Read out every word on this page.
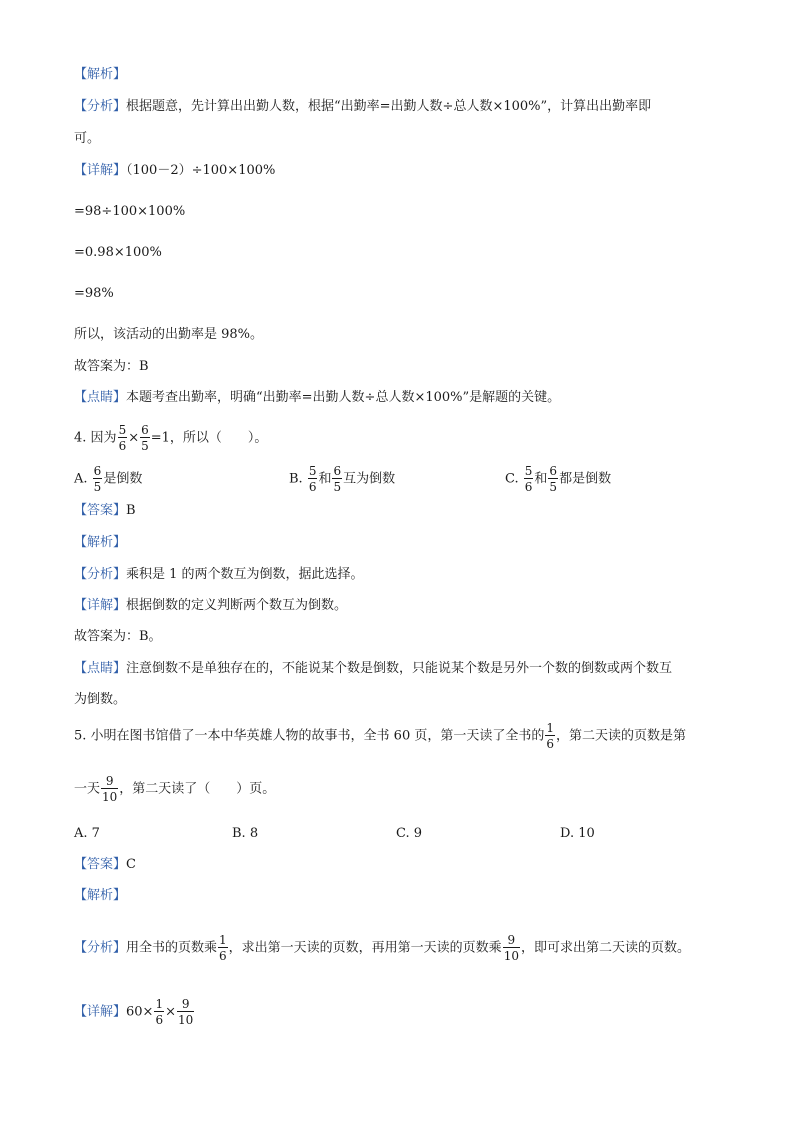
【解析】
【分析】根据题意，先计算出出勤人数，根据“出勤率=出勤人数÷总人数×100%”，计算出出勤率即
可。
【详解】（100－2）÷100×100%
=98÷100×100%
=0.98×100%
=98%
所以，该活动的出勤率是 98%。
故答案为：B
【点睛】本题考查出勤率，明确“出勤率=出勤人数÷总人数×100%”是解题的关键。
4. 因为 $\frac{5}{6} \times \frac{6}{5} =1$，所以（　　）。
A. $\frac{6}{5}$ 是倒数	B. $\frac{5}{6}$ 和 $\frac{6}{5}$ 互为倒数	C. $\frac{5}{6}$ 和 $\frac{6}{5}$ 都是倒数
【答案】B
【解析】
【分析】乘积是 1 的两个数互为倒数，据此选择。
【详解】根据倒数的定义判断两个数互为倒数。
故答案为：B。
【点睛】注意倒数不是单独存在的，不能说某个数是倒数，只能说某个数是另外一个数的倒数或两个数互
为倒数。
5. 小明在图书馆借了一本中华英雄人物的故事书，全书 60 页，第一天读了全书的 $\frac{1}{6}$ ，第二天读的页数是第
一天 $\frac{9}{10}$ ，第二天读了（　　）页。
A. 7	B. 8	C. 9	D. 10
【答案】C
【解析】
【分析】用全书的页数乘 $\frac{1}{6}$ ，求出第一天读的页数，再用第一天读的页数乘 $\frac{9}{10}$ ，即可求出第二天读的页数。
【详解】$60\times \frac{1}{6} \times \frac{9}{10}$
